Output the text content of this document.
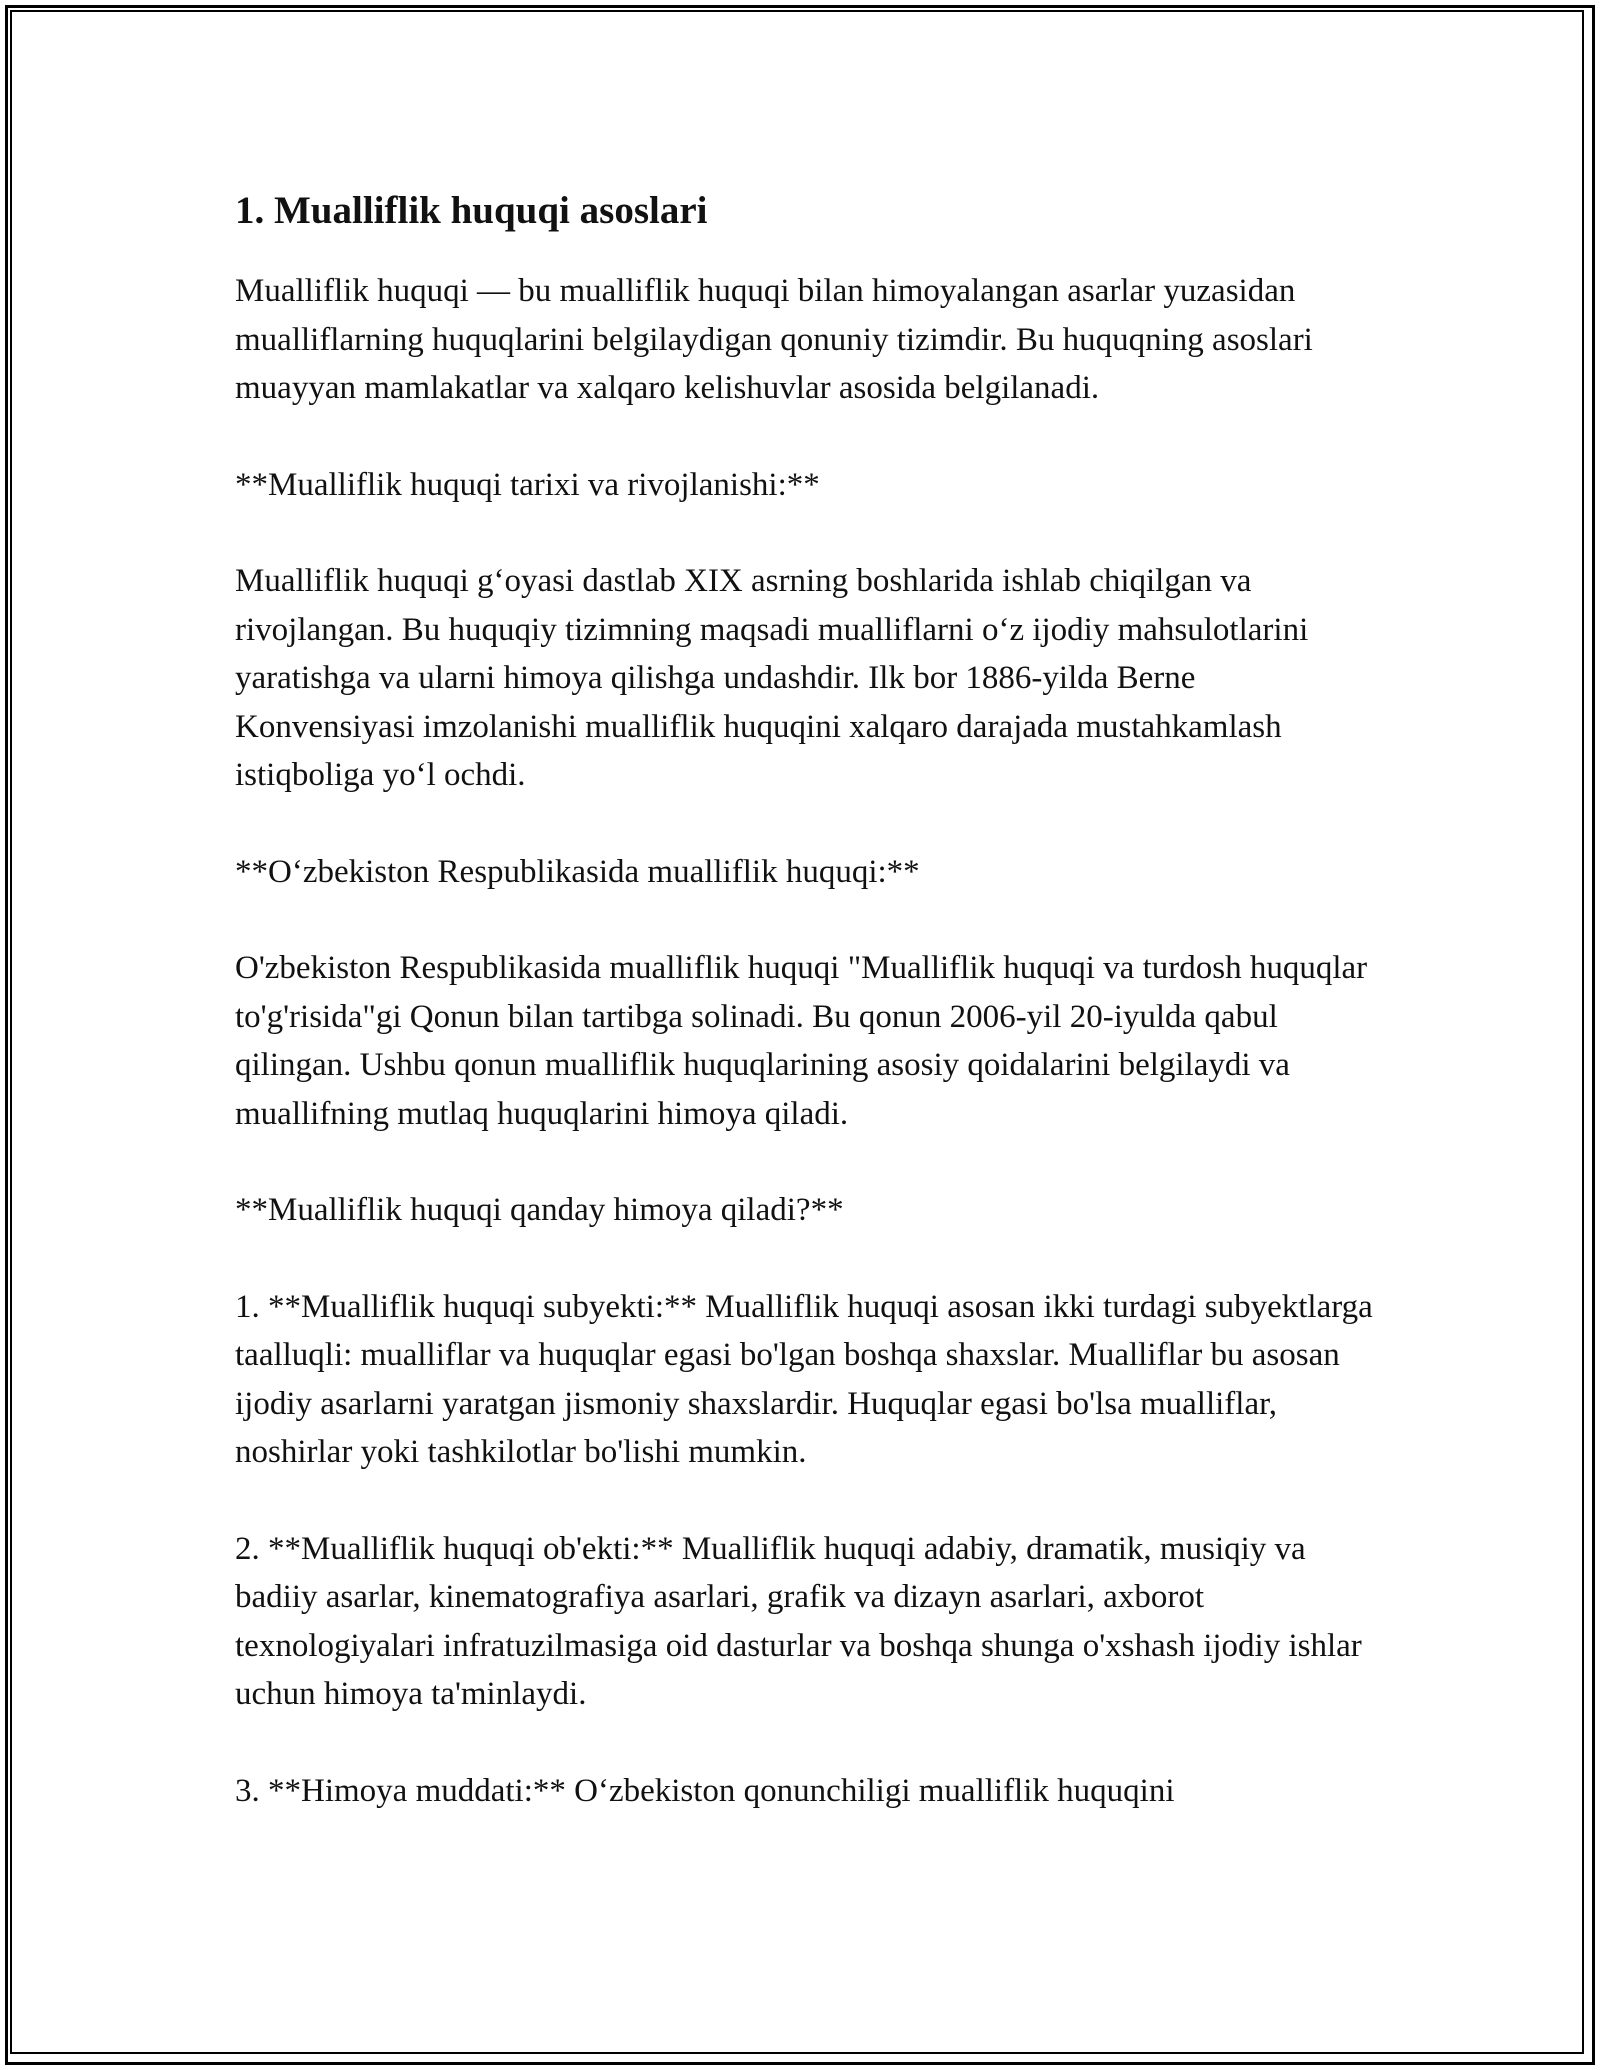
1. Mualliflik huquqi asoslari

Mualliflik huquqi — bu mualliflik huquqi bilan himoyalangan asarlar yuzasidan mualliflarning huquqlarini belgilaydigan qonuniy tizimdir. Bu huquqning asoslari muayyan mamlakatlar va xalqaro kelishuvlar asosida belgilanadi.

**Mualliflik huquqi tarixi va rivojlanishi:**

Mualliflik huquqi g‘oyasi dastlab XIX asrning boshlarida ishlab chiqilgan va rivojlangan. Bu huquqiy tizimning maqsadi mualliflarni o‘z ijodiy mahsulotlarini yaratishga va ularni himoya qilishga undashdir. Ilk bor 1886-yilda Berne Konvensiyasi imzolanishi mualliflik huquqini xalqaro darajada mustahkamlash istiqboliga yo‘l ochdi.

**O‘zbekiston Respublikasida mualliflik huquqi:**

O'zbekiston Respublikasida mualliflik huquqi "Mualliflik huquqi va turdosh huquqlar to'g'risida"gi Qonun bilan tartibga solinadi. Bu qonun 2006-yil 20-iyulda qabul qilingan. Ushbu qonun mualliflik huquqlarining asosiy qoidalarini belgilaydi va muallifning mutlaq huquqlarini himoya qiladi.

**Mualliflik huquqi qanday himoya qiladi?**

1. **Mualliflik huquqi subyekti:** Mualliflik huquqi asosan ikki turdagi subyektlarga taalluqli: mualliflar va huquqlar egasi bo'lgan boshqa shaxslar. Mualliflar bu asosan ijodiy asarlarni yaratgan jismoniy shaxslardir. Huquqlar egasi bo'lsa mualliflar, noshirlar yoki tashkilotlar bo'lishi mumkin.

2. **Mualliflik huquqi ob'ekti:** Mualliflik huquqi adabiy, dramatik, musiqiy va badiiy asarlar, kinematografiya asarlari, grafik va dizayn asarlari, axborot texnologiyalari infratuzilmasiga oid dasturlar va boshqa shunga o'xshash ijodiy ishlar uchun himoya ta'minlaydi.

3. **Himoya muddati:** O‘zbekiston qonunchiligi mualliflik huquqini
